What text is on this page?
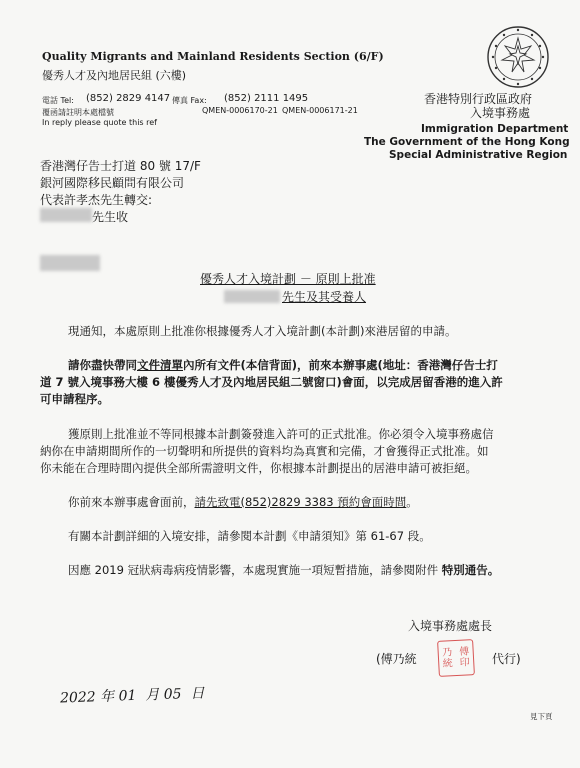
Quality Migrants and Mainland Residents Section (6/F)
優秀人才及內地居民組 (六樓)
電話 Tel: (852) 2829 4147 傳真 Fax: (852) 2111 1495
覆函請註明本處檔號	QMEN-0006170-21 QMEN-0006171-21
In reply please quote this ref
香港特別行政區政府
入境事務處
Immigration Department
The Government of the Hong Kong
Special Administrative Region
香港灣仔告士打道 80 號 17/F
銀河國際移民顧問有限公司
代表許孝杰先生轉交:
先生收
優秀人才入境計劃 － 原則上批准
先生及其受養人
現通知，本處原則上批准你根據優秀人才入境計劃(本計劃)來港居留的申請。
請你盡快帶同文件清單內所有文件(本信背面)，前來本辦事處(地址：香港灣仔告士打
道 7 號入境事務大樓 6 樓優秀人才及內地居民組二號窗口)會面，以完成居留香港的進入許
可申請程序。
獲原則上批准並不等同根據本計劃簽發進入許可的正式批准。你必須令入境事務處信
納你在申請期間所作的一切聲明和所提供的資料均為真實和完備，才會獲得正式批准。如
你未能在合理時間內提供全部所需證明文件，你根據本計劃提出的居港申請可被拒絕。
你前來本辦事處會面前，請先致電(852)2829 3383 預約會面時間。
有關本計劃詳細的入境安排，請參閱本計劃《申請須知》第 61-67 段。
因應 2019 冠狀病毒病疫情影響，本處現實施一項短暫措施，請參閱附件 特別通告。
入境事務處處長
(傅乃統	乃 傅
統 印 代行)
2022 年 01 月 05 日
見下頁
